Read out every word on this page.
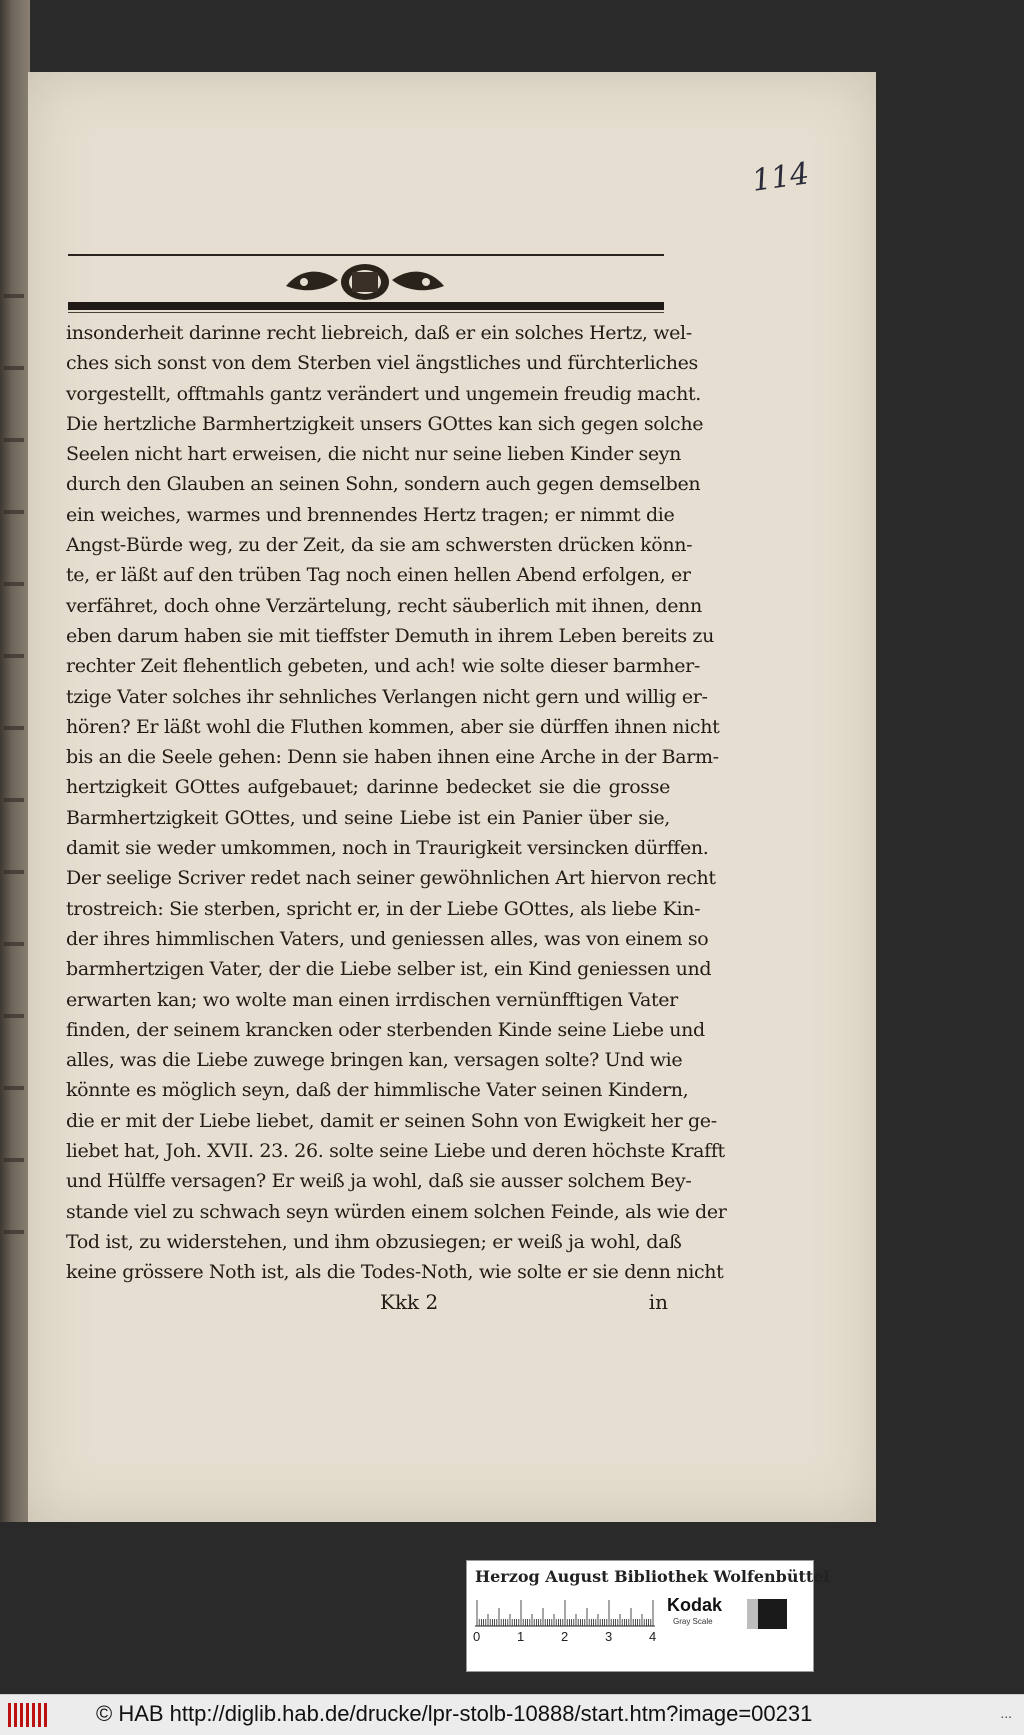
114
insonderheit darinne recht liebreich, daß er ein solches Hertz, wel-
ches sich sonst von dem Sterben viel ängstliches und fürchterliches
vorgestellt, offtmahls gantz verändert und ungemein freudig macht.
Die hertzliche Barmhertzigkeit unsers GOttes kan sich gegen solche
Seelen nicht hart erweisen, die nicht nur seine lieben Kinder seyn
durch den Glauben an seinen Sohn, sondern auch gegen demselben
ein weiches, warmes und brennendes Hertz tragen; er nimmt die
Angst-Bürde weg, zu der Zeit, da sie am schwersten drücken könn-
te, er läßt auf den trüben Tag noch einen hellen Abend erfolgen, er
verfähret, doch ohne Verzärtelung, recht säuberlich mit ihnen, denn
eben darum haben sie mit tieffster Demuth in ihrem Leben bereits zu
rechter Zeit flehentlich gebeten, und ach! wie solte dieser barmher-
tzige Vater solches ihr sehnliches Verlangen nicht gern und willig er-
hören? Er läßt wohl die Fluthen kommen, aber sie dürffen ihnen nicht
bis an die Seele gehen: Denn sie haben ihnen eine Arche in der Barm-
hertzigkeit GOttes aufgebauet; darinne bedecket sie die grosse
Barmhertzigkeit GOttes, und seine Liebe ist ein Panier über sie,
damit sie weder umkommen, noch in Traurigkeit versincken dürffen.
Der seelige Scriver redet nach seiner gewöhnlichen Art hiervon recht
trostreich: Sie sterben, spricht er, in der Liebe GOttes, als liebe Kin-
der ihres himmlischen Vaters, und geniessen alles, was von einem so
barmhertzigen Vater, der die Liebe selber ist, ein Kind geniessen und
erwarten kan; wo wolte man einen irrdischen vernünfftigen Vater
finden, der seinem krancken oder sterbenden Kinde seine Liebe und
alles, was die Liebe zuwege bringen kan, versagen solte? Und wie
könnte es möglich seyn, daß der himmlische Vater seinen Kindern,
die er mit der Liebe liebet, damit er seinen Sohn von Ewigkeit her ge-
liebet hat, Joh. XVII. 23. 26. solte seine Liebe und deren höchste Krafft
und Hülffe versagen? Er weiß ja wohl, daß sie ausser solchem Bey-
stande viel zu schwach seyn würden einem solchen Feinde, als wie der
Tod ist, zu widerstehen, und ihm obzusiegen; er weiß ja wohl, daß
keine grössere Noth ist, als die Todes-Noth, wie solte er sie denn nicht
Kkk 2	in
Herzog August Bibliothek Wolfenbüttel
0	1	2	3	4
Kodak
Gray Scale
© HAB http://diglib.hab.de/drucke/lpr-stolb-10888/start.htm?image=00231	...
